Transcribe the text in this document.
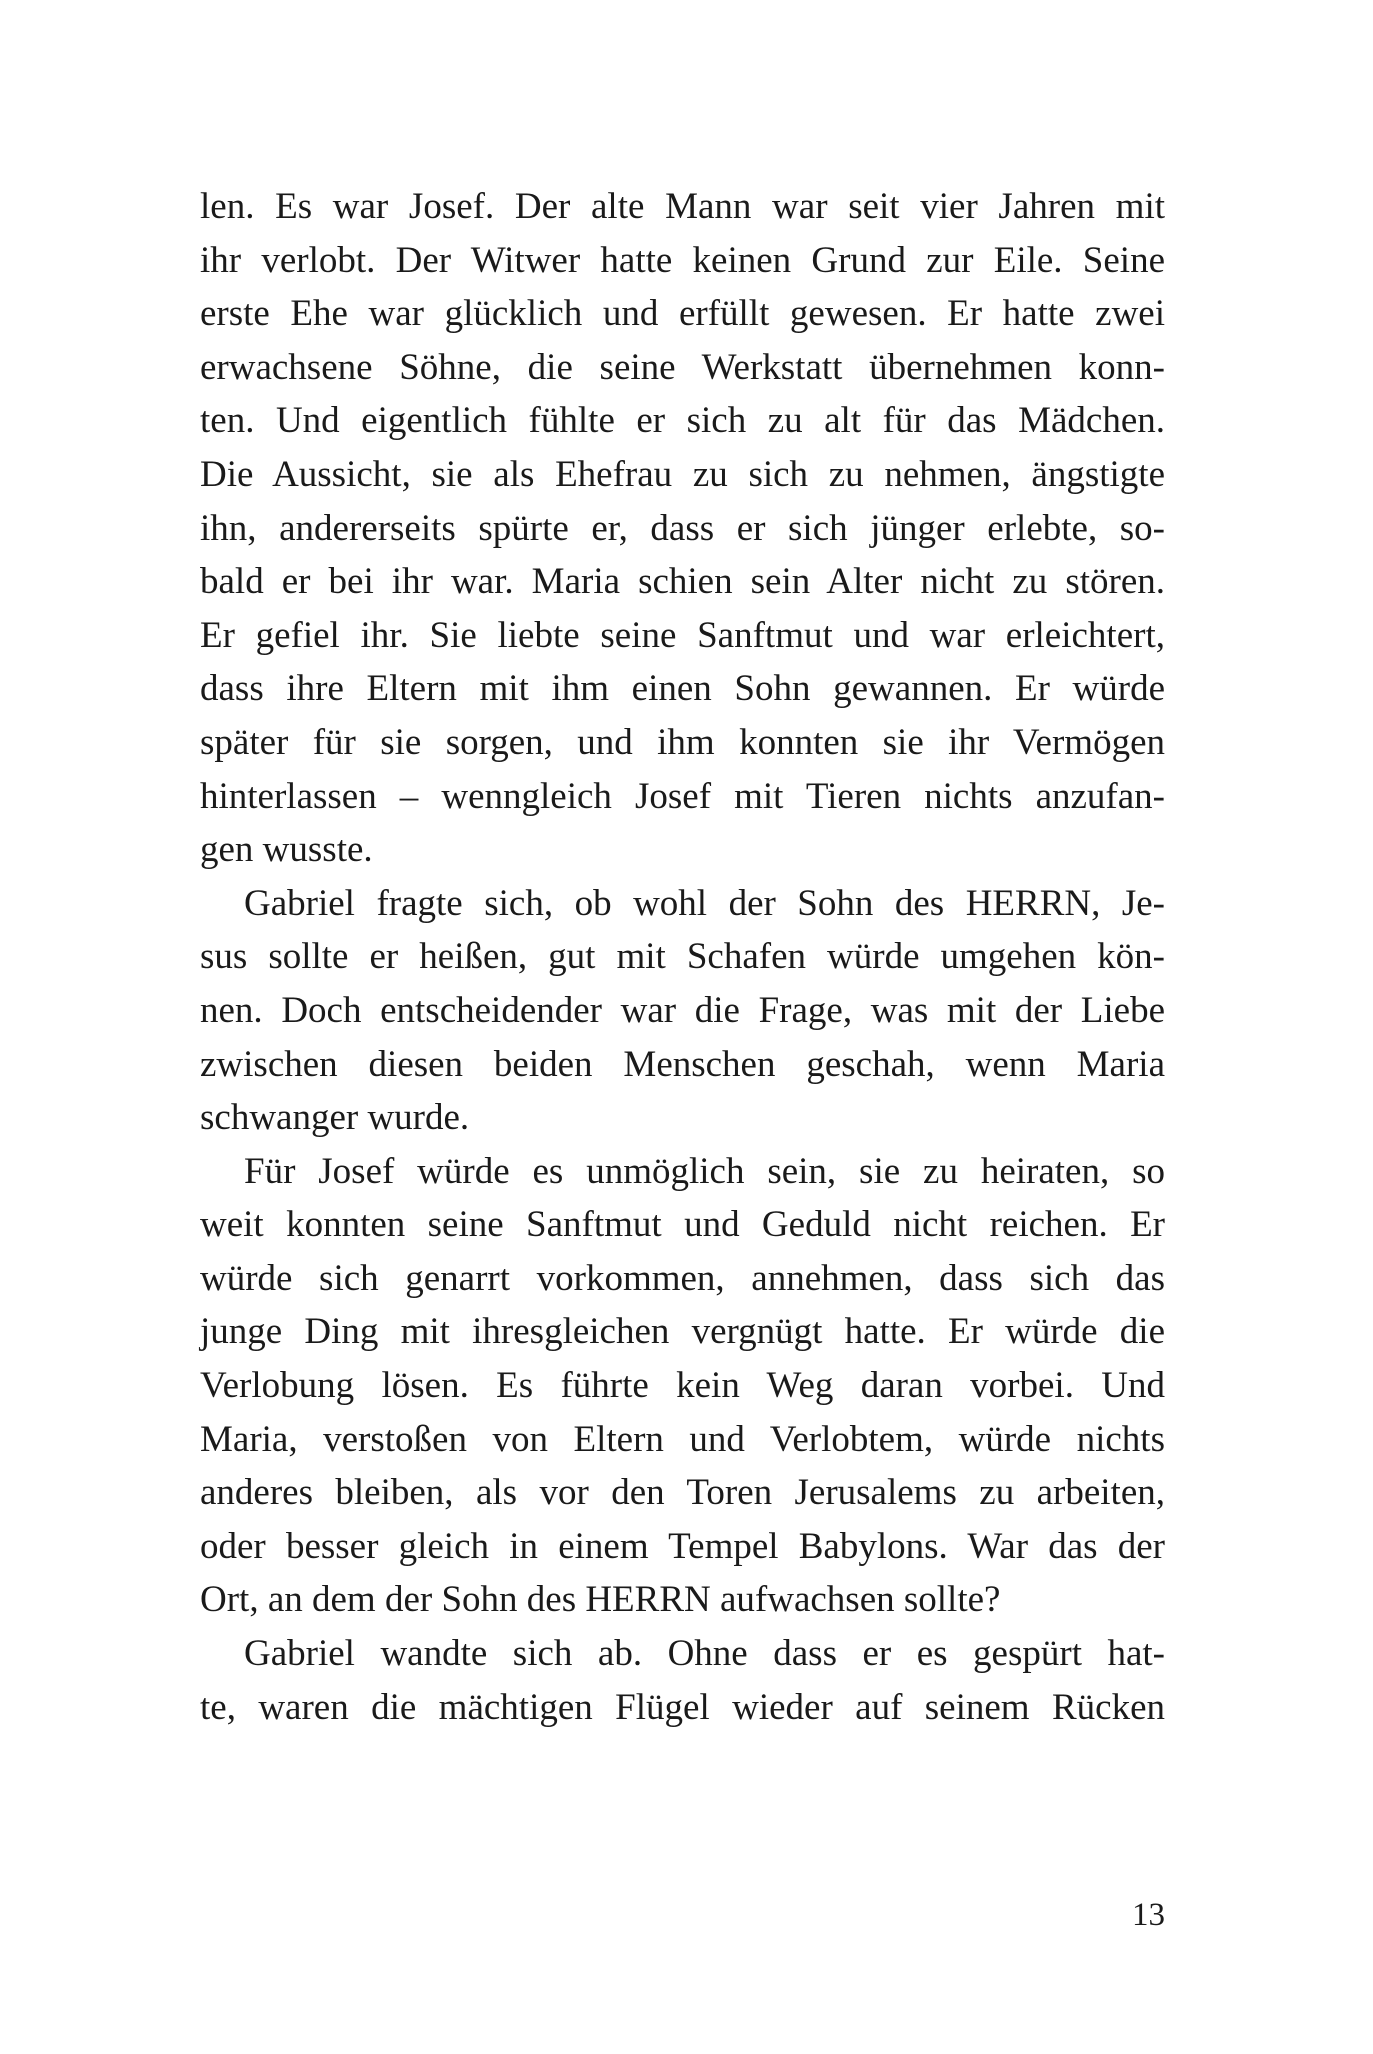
len. Es war Josef. Der alte Mann war seit vier Jahren mit
ihr verlobt. Der Witwer hatte keinen Grund zur Eile. Seine
erste Ehe war glücklich und erfüllt gewesen. Er hatte zwei
erwachsene Söhne, die seine Werkstatt übernehmen konn-
ten. Und eigentlich fühlte er sich zu alt für das Mädchen.
Die Aussicht, sie als Ehefrau zu sich zu nehmen, ängstigte
ihn, andererseits spürte er, dass er sich jünger erlebte, so-
bald er bei ihr war. Maria schien sein Alter nicht zu stören.
Er gefiel ihr. Sie liebte seine Sanftmut und war erleichtert,
dass ihre Eltern mit ihm einen Sohn gewannen. Er würde
später für sie sorgen, und ihm konnten sie ihr Vermögen
hinterlassen – wenngleich Josef mit Tieren nichts anzufan-
gen wusste.
Gabriel fragte sich, ob wohl der Sohn des HERRN, Je-
sus sollte er heißen, gut mit Schafen würde umgehen kön-
nen. Doch entscheidender war die Frage, was mit der Liebe
zwischen diesen beiden Menschen geschah, wenn Maria
schwanger wurde.
Für Josef würde es unmöglich sein, sie zu heiraten, so
weit konnten seine Sanftmut und Geduld nicht reichen. Er
würde sich genarrt vorkommen, annehmen, dass sich das
junge Ding mit ihresgleichen vergnügt hatte. Er würde die
Verlobung lösen. Es führte kein Weg daran vorbei. Und
Maria, verstoßen von Eltern und Verlobtem, würde nichts
anderes bleiben, als vor den Toren Jerusalems zu arbeiten,
oder besser gleich in einem Tempel Babylons. War das der
Ort, an dem der Sohn des HERRN aufwachsen sollte?
Gabriel wandte sich ab. Ohne dass er es gespürt hat-
te, waren die mächtigen Flügel wieder auf seinem Rücken
13
